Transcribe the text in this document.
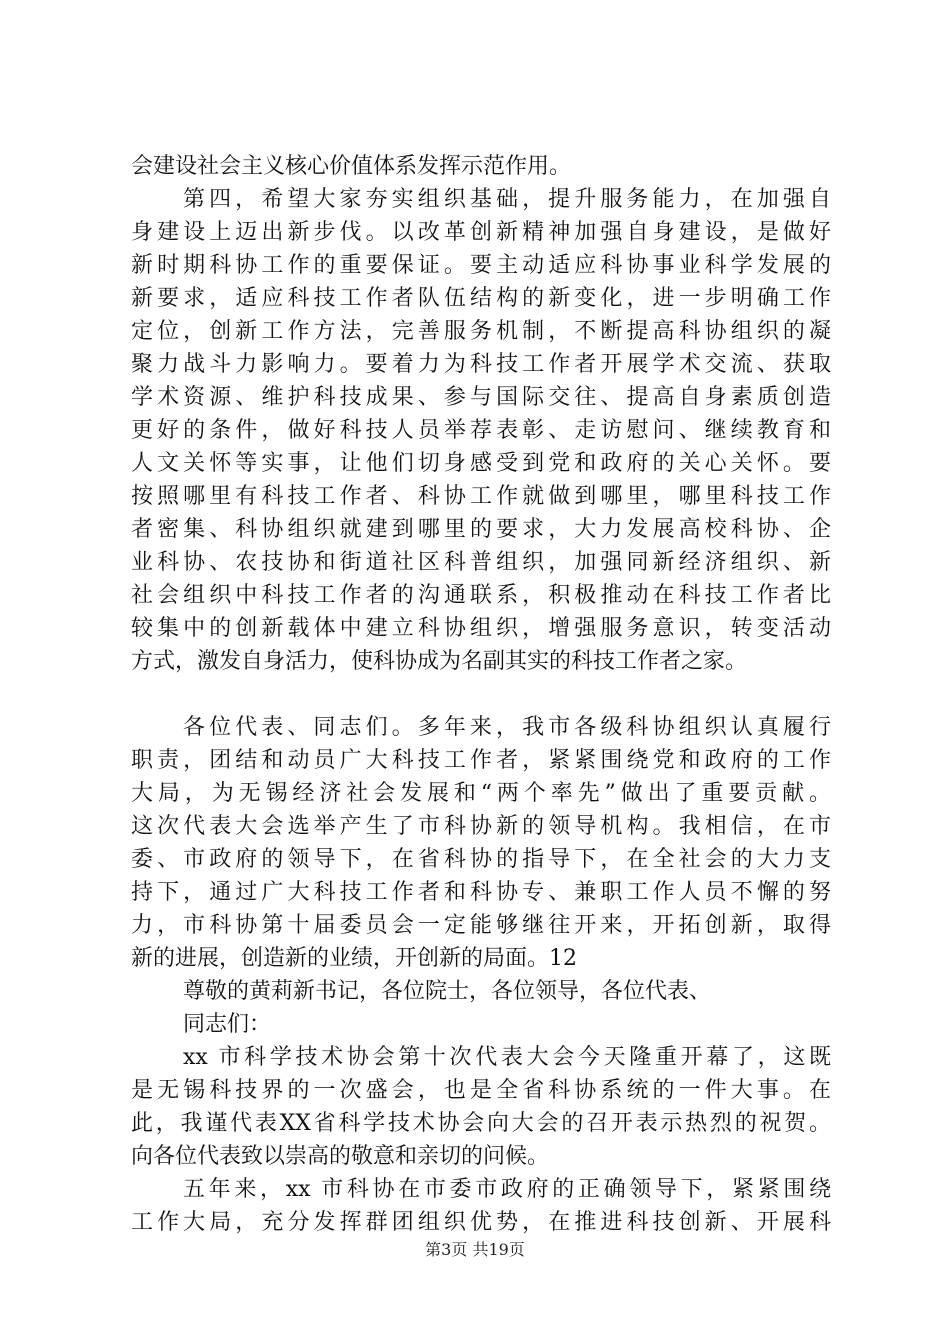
会建设社会主义核心价值体系发挥示范作用。
第四，希望大家夯实组织基础，提升服务能力，在加强自
身建设上迈出新步伐。以改革创新精神加强自身建设，是做好
新时期科协工作的重要保证。要主动适应科协事业科学发展的
新要求，适应科技工作者队伍结构的新变化，进一步明确工作
定位，创新工作方法，完善服务机制，不断提高科协组织的凝
聚力战斗力影响力。要着力为科技工作者开展学术交流、获取
学术资源、维护科技成果、参与国际交往、提高自身素质创造
更好的条件，做好科技人员举荐表彰、走访慰问、继续教育和
人文关怀等实事，让他们切身感受到党和政府的关心关怀。要
按照哪里有科技工作者、科协工作就做到哪里，哪里科技工作
者密集、科协组织就建到哪里的要求，大力发展高校科协、企
业科协、农技协和街道社区科普组织，加强同新经济组织、新
社会组织中科技工作者的沟通联系，积极推动在科技工作者比
较集中的创新载体中建立科协组织，增强服务意识，转变活动
方式，激发自身活力，使科协成为名副其实的科技工作者之家。
各位代表、同志们。多年来，我市各级科协组织认真履行
职责，团结和动员广大科技工作者，紧紧围绕党和政府的工作
大局，为无锡经济社会发展和“两个率先”做出了重要贡献。
这次代表大会选举产生了市科协新的领导机构。我相信，在市
委、市政府的领导下，在省科协的指导下，在全社会的大力支
持下，通过广大科技工作者和科协专、兼职工作人员不懈的努
力，市科协第十届委员会一定能够继往开来，开拓创新，取得
新的进展，创造新的业绩，开创新的局面。12
第3页 共19页
尊敬的黄莉新书记，各位院士，各位领导，各位代表、
同志们：
xx 市科学技术协会第十次代表大会今天隆重开幕了，这既
是无锡科技界的一次盛会，也是全省科协系统的一件大事。在
此，我谨代表XX省科学技术协会向大会的召开表示热烈的祝贺。
向各位代表致以崇高的敬意和亲切的问候。
五年来，xx 市科协在市委市政府的正确领导下，紧紧围绕
工作大局，充分发挥群团组织优势，在推进科技创新、开展科
